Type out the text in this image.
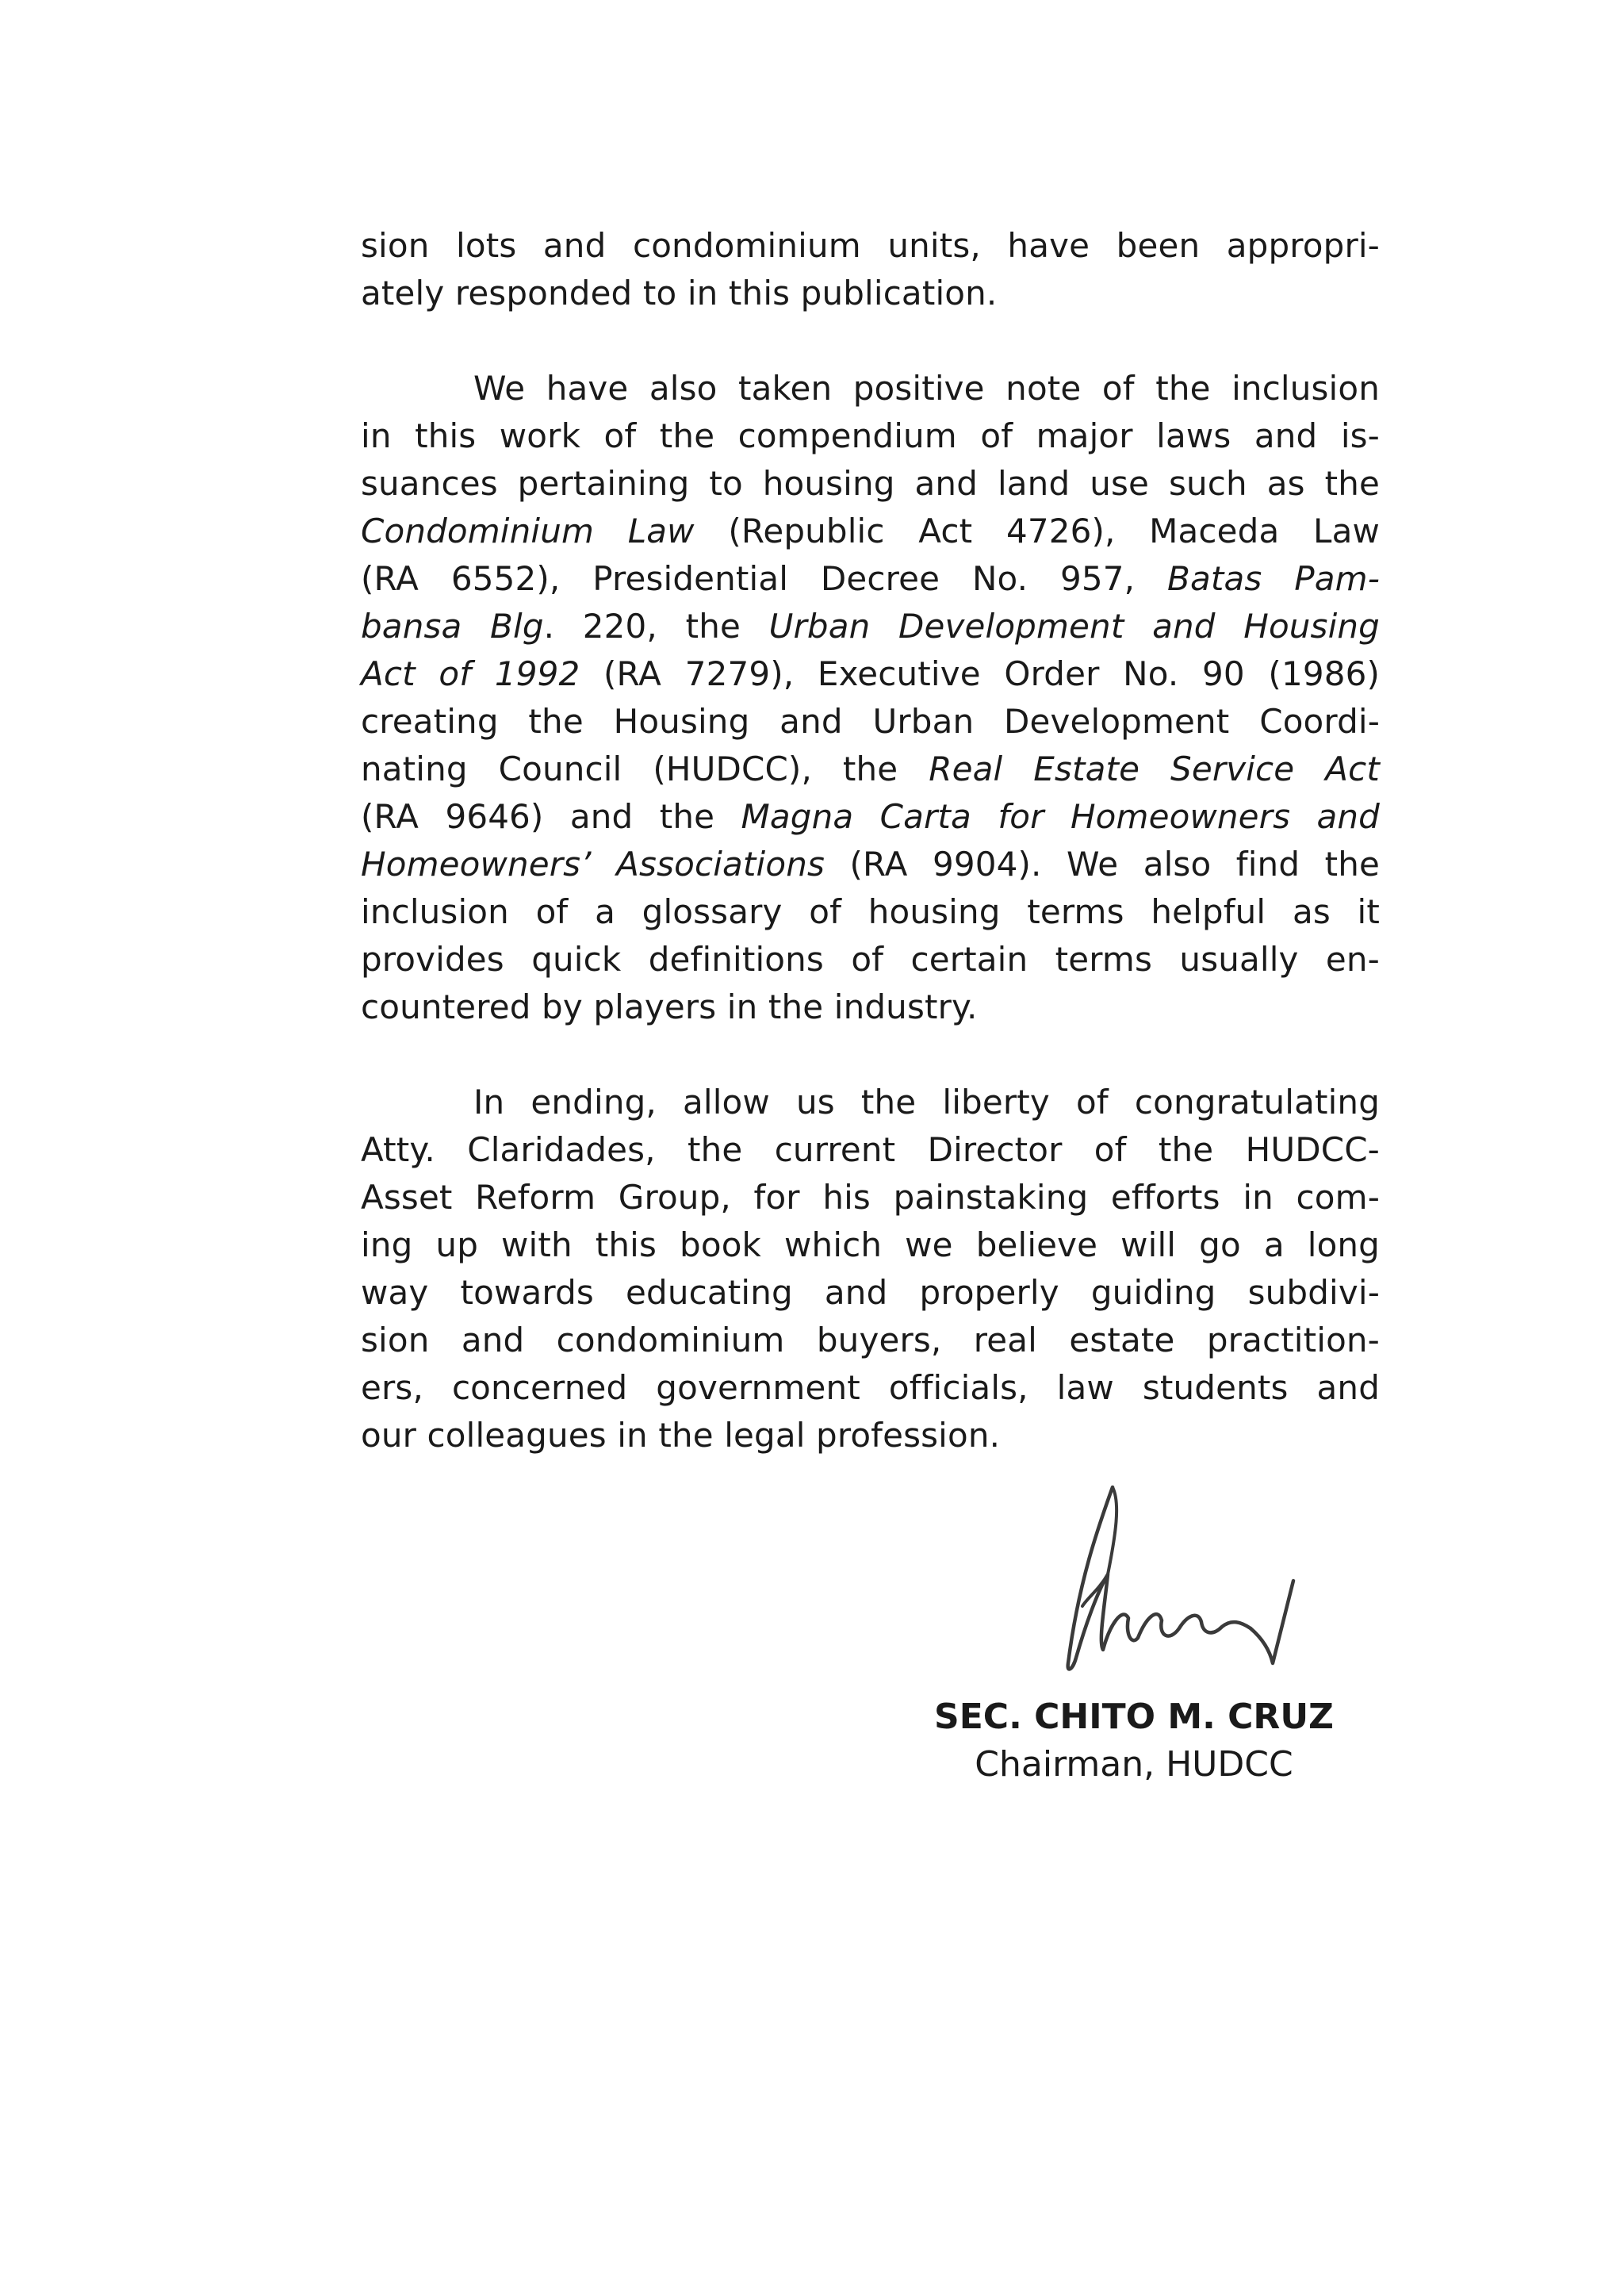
sion lots and condominium units, have been appropri-
ately responded to in this publication.
We have also taken positive note of the inclusion
in this work of the compendium of major laws and is-
suances pertaining to housing and land use such as the
Condominium Law (Republic Act 4726), Maceda Law
(RA 6552), Presidential Decree No. 957, Batas Pam-
bansa Blg. 220, the Urban Development and Housing
Act of 1992 (RA 7279), Executive Order No. 90 (1986)
creating the Housing and Urban Development Coordi-
nating Council (HUDCC), the Real Estate Service Act
(RA 9646) and the Magna Carta for Homeowners and
Homeowners’ Associations (RA 9904). We also find the
inclusion of a glossary of housing terms helpful as it
provides quick definitions of certain terms usually en-
countered by players in the industry.
In ending, allow us the liberty of congratulating
Atty. Claridades, the current Director of the HUDCC-
Asset Reform Group, for his painstaking efforts in com-
ing up with this book which we believe will go a long
way towards educating and properly guiding subdivi-
sion and condominium buyers, real estate practition-
ers, concerned government officials, law students and
our colleagues in the legal profession.
SEC. CHITO M. CRUZ
Chairman, HUDCC
